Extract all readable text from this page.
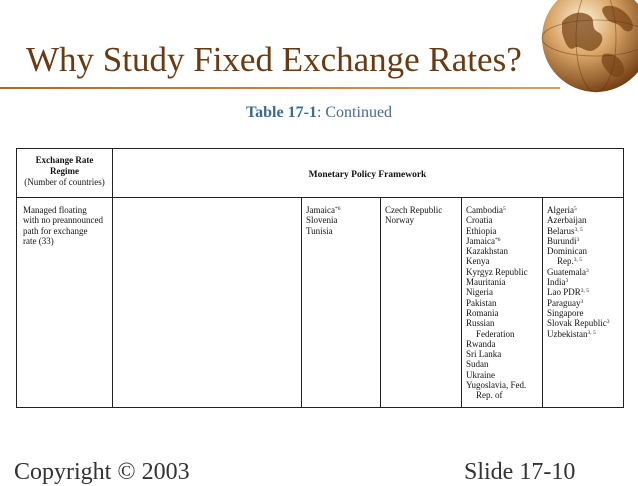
Why Study Fixed Exchange Rates?
Table 17-1: Continued
Exchange Rate
Regime
(Number of countries)
Monetary Policy Framework
Managed floating
with no preannounced
path for exchange
rate (33)
Jamaica$^{*6}$
Slovenia
Tunisia
Czech Republic
Norway
Cambodia$^5$
Croatia
Ethiopia
Jamaica$^{*6}$
Kazakhstan
Kenya
Kyrgyz Republic
Mauritania
Nigeria
Pakistan
Romania
Russian
Federation
Rwanda
Sri Lanka
Sudan
Ukraine
Yugoslavia, Fed.
Rep. of
Algeria$^5$
Azerbaijan
Belarus$^{3, 5}$
Burundi$^3$
Dominican
Rep.$^{3, 5}$
Guatemala$^3$
India$^3$
Lao PDR$^{3, 5}$
Paraguay$^3$
Singapore
Slovak Republic$^3$
Uzbekistan$^{3, 5}$
Copyright © 2003	Slide 17-10
